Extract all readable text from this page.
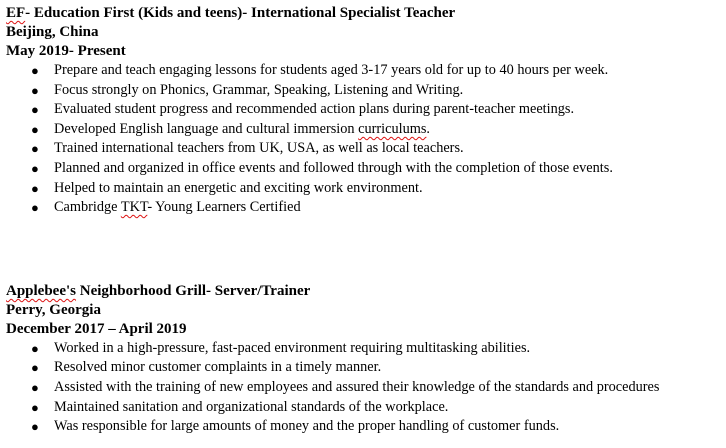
EF- Education First (Kids and teens)- International Specialist Teacher
Beijing, China
May 2019- Present
● Prepare and teach engaging lessons for students aged 3-17 years old for up to 40 hours per week.
● Focus strongly on Phonics, Grammar, Speaking, Listening and Writing.
● Evaluated student progress and recommended action plans during parent-teacher meetings.
● Developed English language and cultural immersion curriculums.
● Trained international teachers from UK, USA, as well as local teachers.
● Planned and organized in office events and followed through with the completion of those events.
● Helped to maintain an energetic and exciting work environment.
● Cambridge TKT- Young Learners Certified
Applebee's Neighborhood Grill- Server/Trainer
Perry, Georgia
December 2017 – April 2019
● Worked in a high-pressure, fast-paced environment requiring multitasking abilities.
● Resolved minor customer complaints in a timely manner.
● Assisted with the training of new employees and assured their knowledge of the standards and procedures
● Maintained sanitation and organizational standards of the workplace.
● Was responsible for large amounts of money and the proper handling of customer funds.
